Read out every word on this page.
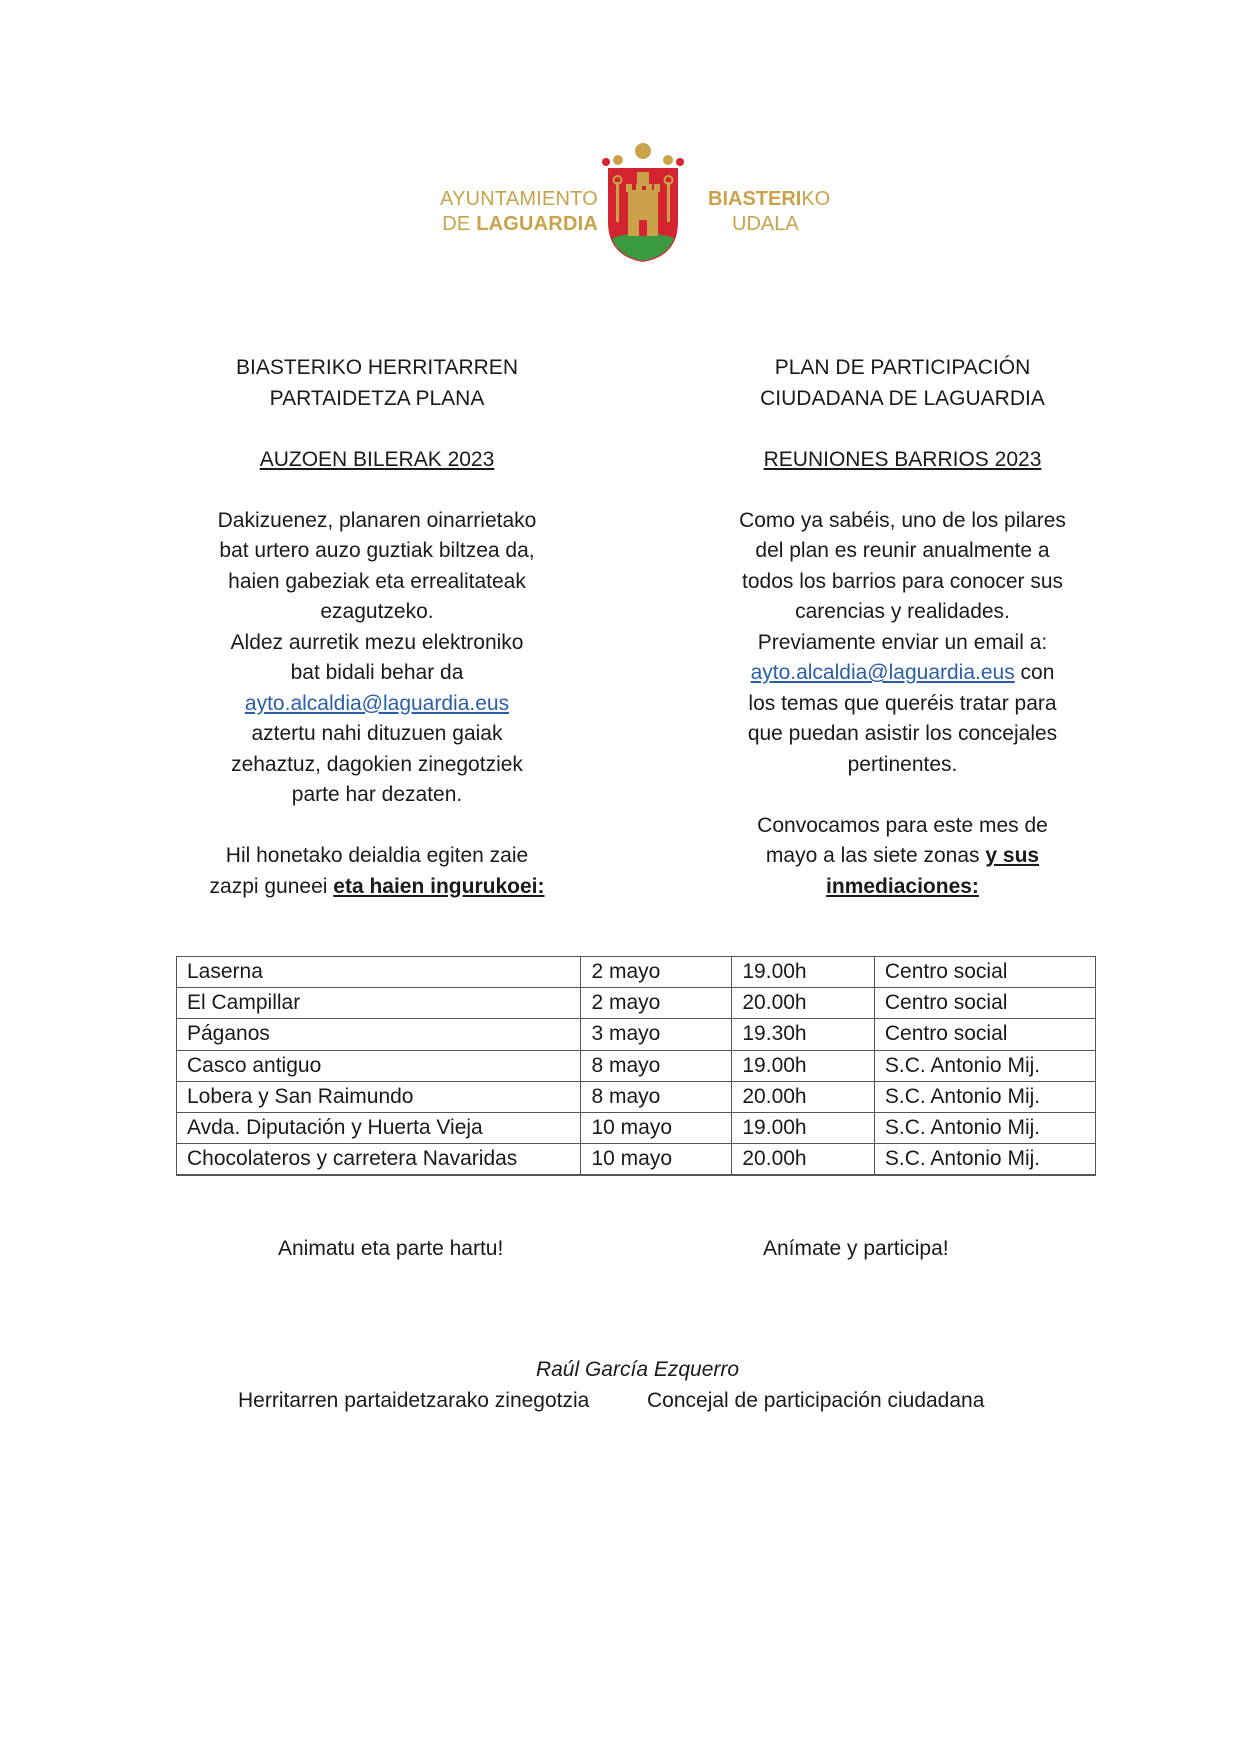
AYUNTAMIENTO
DE LAGUARDIA
BIASTERIKO
UDALA

BIASTERIKO HERRITARREN

PARTAIDETZA PLANA

AUZOEN BILERAK 2023

Dakizuenez, planaren oinarrietako

bat urtero auzo guztiak biltzea da,

haien gabeziak eta errealitateak

ezagutzeko.

Aldez aurretik mezu elektroniko

bat bidali behar da

ayto.alcaldia@laguardia.eus

aztertu nahi dituzuen gaiak

zehaztuz, dagokien zinegotziek

parte har dezaten.

Hil honetako deialdia egiten zaie

zazpi guneei eta haien ingurukoei:

PLAN DE PARTICIPACIÓN

CIUDADANA DE LAGUARDIA

REUNIONES BARRIOS 2023

Como ya sabéis, uno de los pilares

del plan es reunir anualmente a

todos los barrios para conocer sus

carencias y realidades.

Previamente enviar un email a:

ayto.alcaldia@laguardia.eus con

los temas que queréis tratar para

que puedan asistir los concejales

pertinentes.

Convocamos para este mes de

mayo a las siete zonas y sus

inmediaciones:

Laserna	2 mayo	19.00h	Centro social
El Campillar	2 mayo	20.00h	Centro social
Páganos	3 mayo	19.30h	Centro social
Casco antiguo	8 mayo	19.00h	S.C. Antonio Mij.
Lobera y San Raimundo	8 mayo	20.00h	S.C. Antonio Mij.
Avda. Diputación y Huerta Vieja	10 mayo	19.00h	S.C. Antonio Mij.
Chocolateros y carretera Navaridas	10 mayo	20.00h	S.C. Antonio Mij.
Animatu eta parte hartu!	Anímate y participa!
Raúl García Ezquerro
Herritarren partaidetzarako zinegotzia	Concejal de participación ciudadana
